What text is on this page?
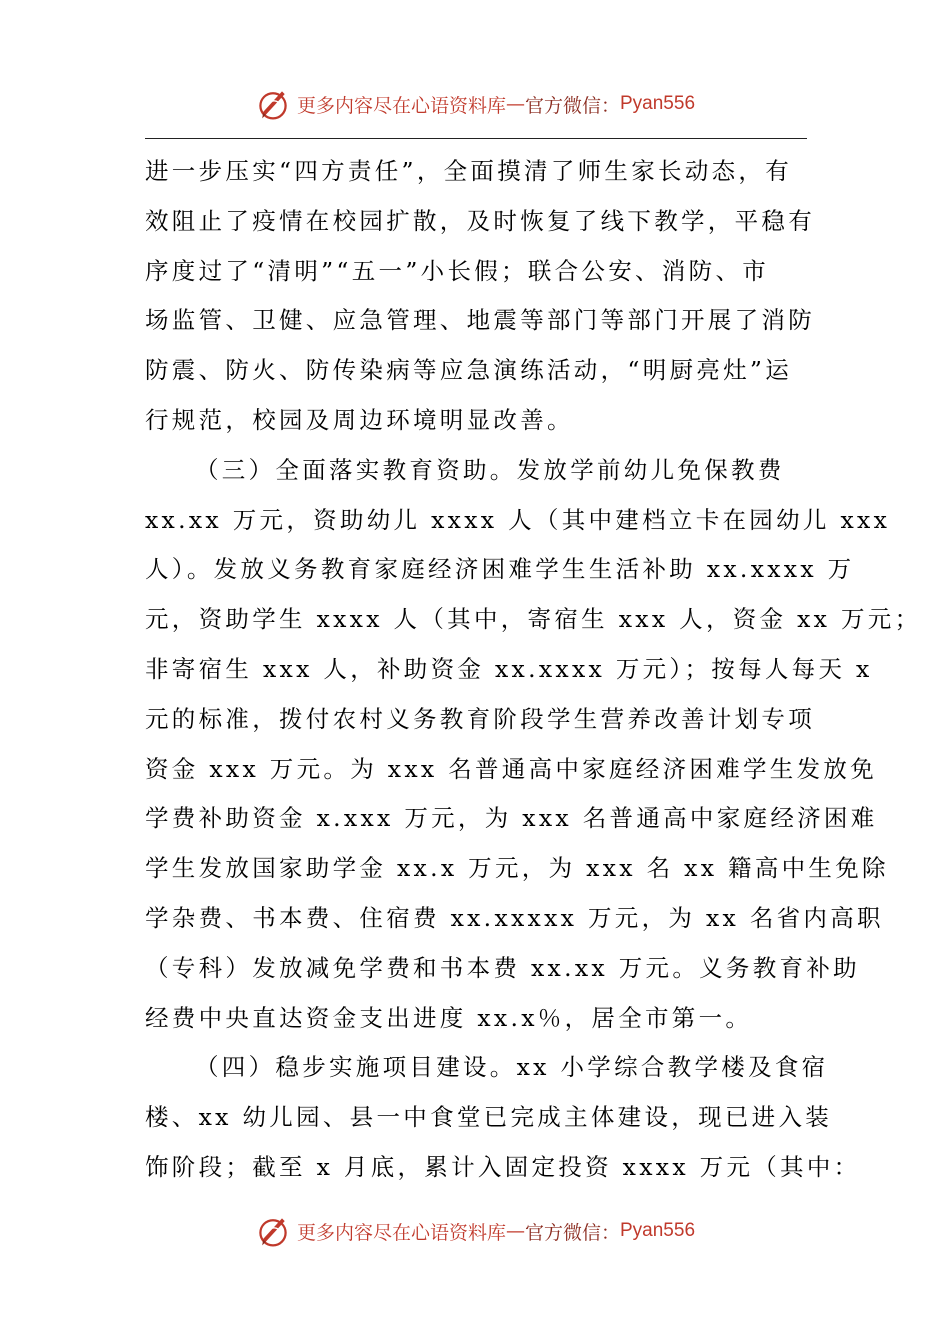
更多内容尽在心语资料库 — 官方微信： Pyan556
进一步压实“四方责任”，全面摸清了师生家长动态，有
效阻止了疫情在校园扩散，及时恢复了线下教学，平稳有
序度过了“清明”“五一”小长假；联合公安、消防、市
场监管、卫健、应急管理、地震等部门等部门开展了消防
防震、防火、防传染病等应急演练活动，“明厨亮灶”运
行规范，校园及周边环境明显改善。
（三）全面落实教育资助。发放学前幼儿免保教费
xx.xx 万元，资助幼儿 xxxx 人（其中建档立卡在园幼儿 xxx
人）。发放义务教育家庭经济困难学生生活补助 xx.xxxx 万
元，资助学生 xxxx 人（其中，寄宿生 xxx 人，资金 xx 万元；
非寄宿生 xxx 人，补助资金 xx.xxxx 万元）；按每人每天 x
元的标准，拨付农村义务教育阶段学生营养改善计划专项
资金 xxx 万元。为 xxx 名普通高中家庭经济困难学生发放免
学费补助资金 x.xxx 万元，为 xxx 名普通高中家庭经济困难
学生发放国家助学金 xx.x 万元，为 xxx 名 xx 籍高中生免除
学杂费、书本费、住宿费 xx.xxxxx 万元，为 xx 名省内高职
（专科）发放减免学费和书本费 xx.xx 万元。义务教育补助
经费中央直达资金支出进度 xx.x％，居全市第一。
（四）稳步实施项目建设。xx 小学综合教学楼及食宿
楼、xx 幼儿园、县一中食堂已完成主体建设，现已进入装
饰阶段；截至 x 月底，累计入固定投资 xxxx 万元（其中：
更多内容尽在心语资料库 — 官方微信： Pyan556
